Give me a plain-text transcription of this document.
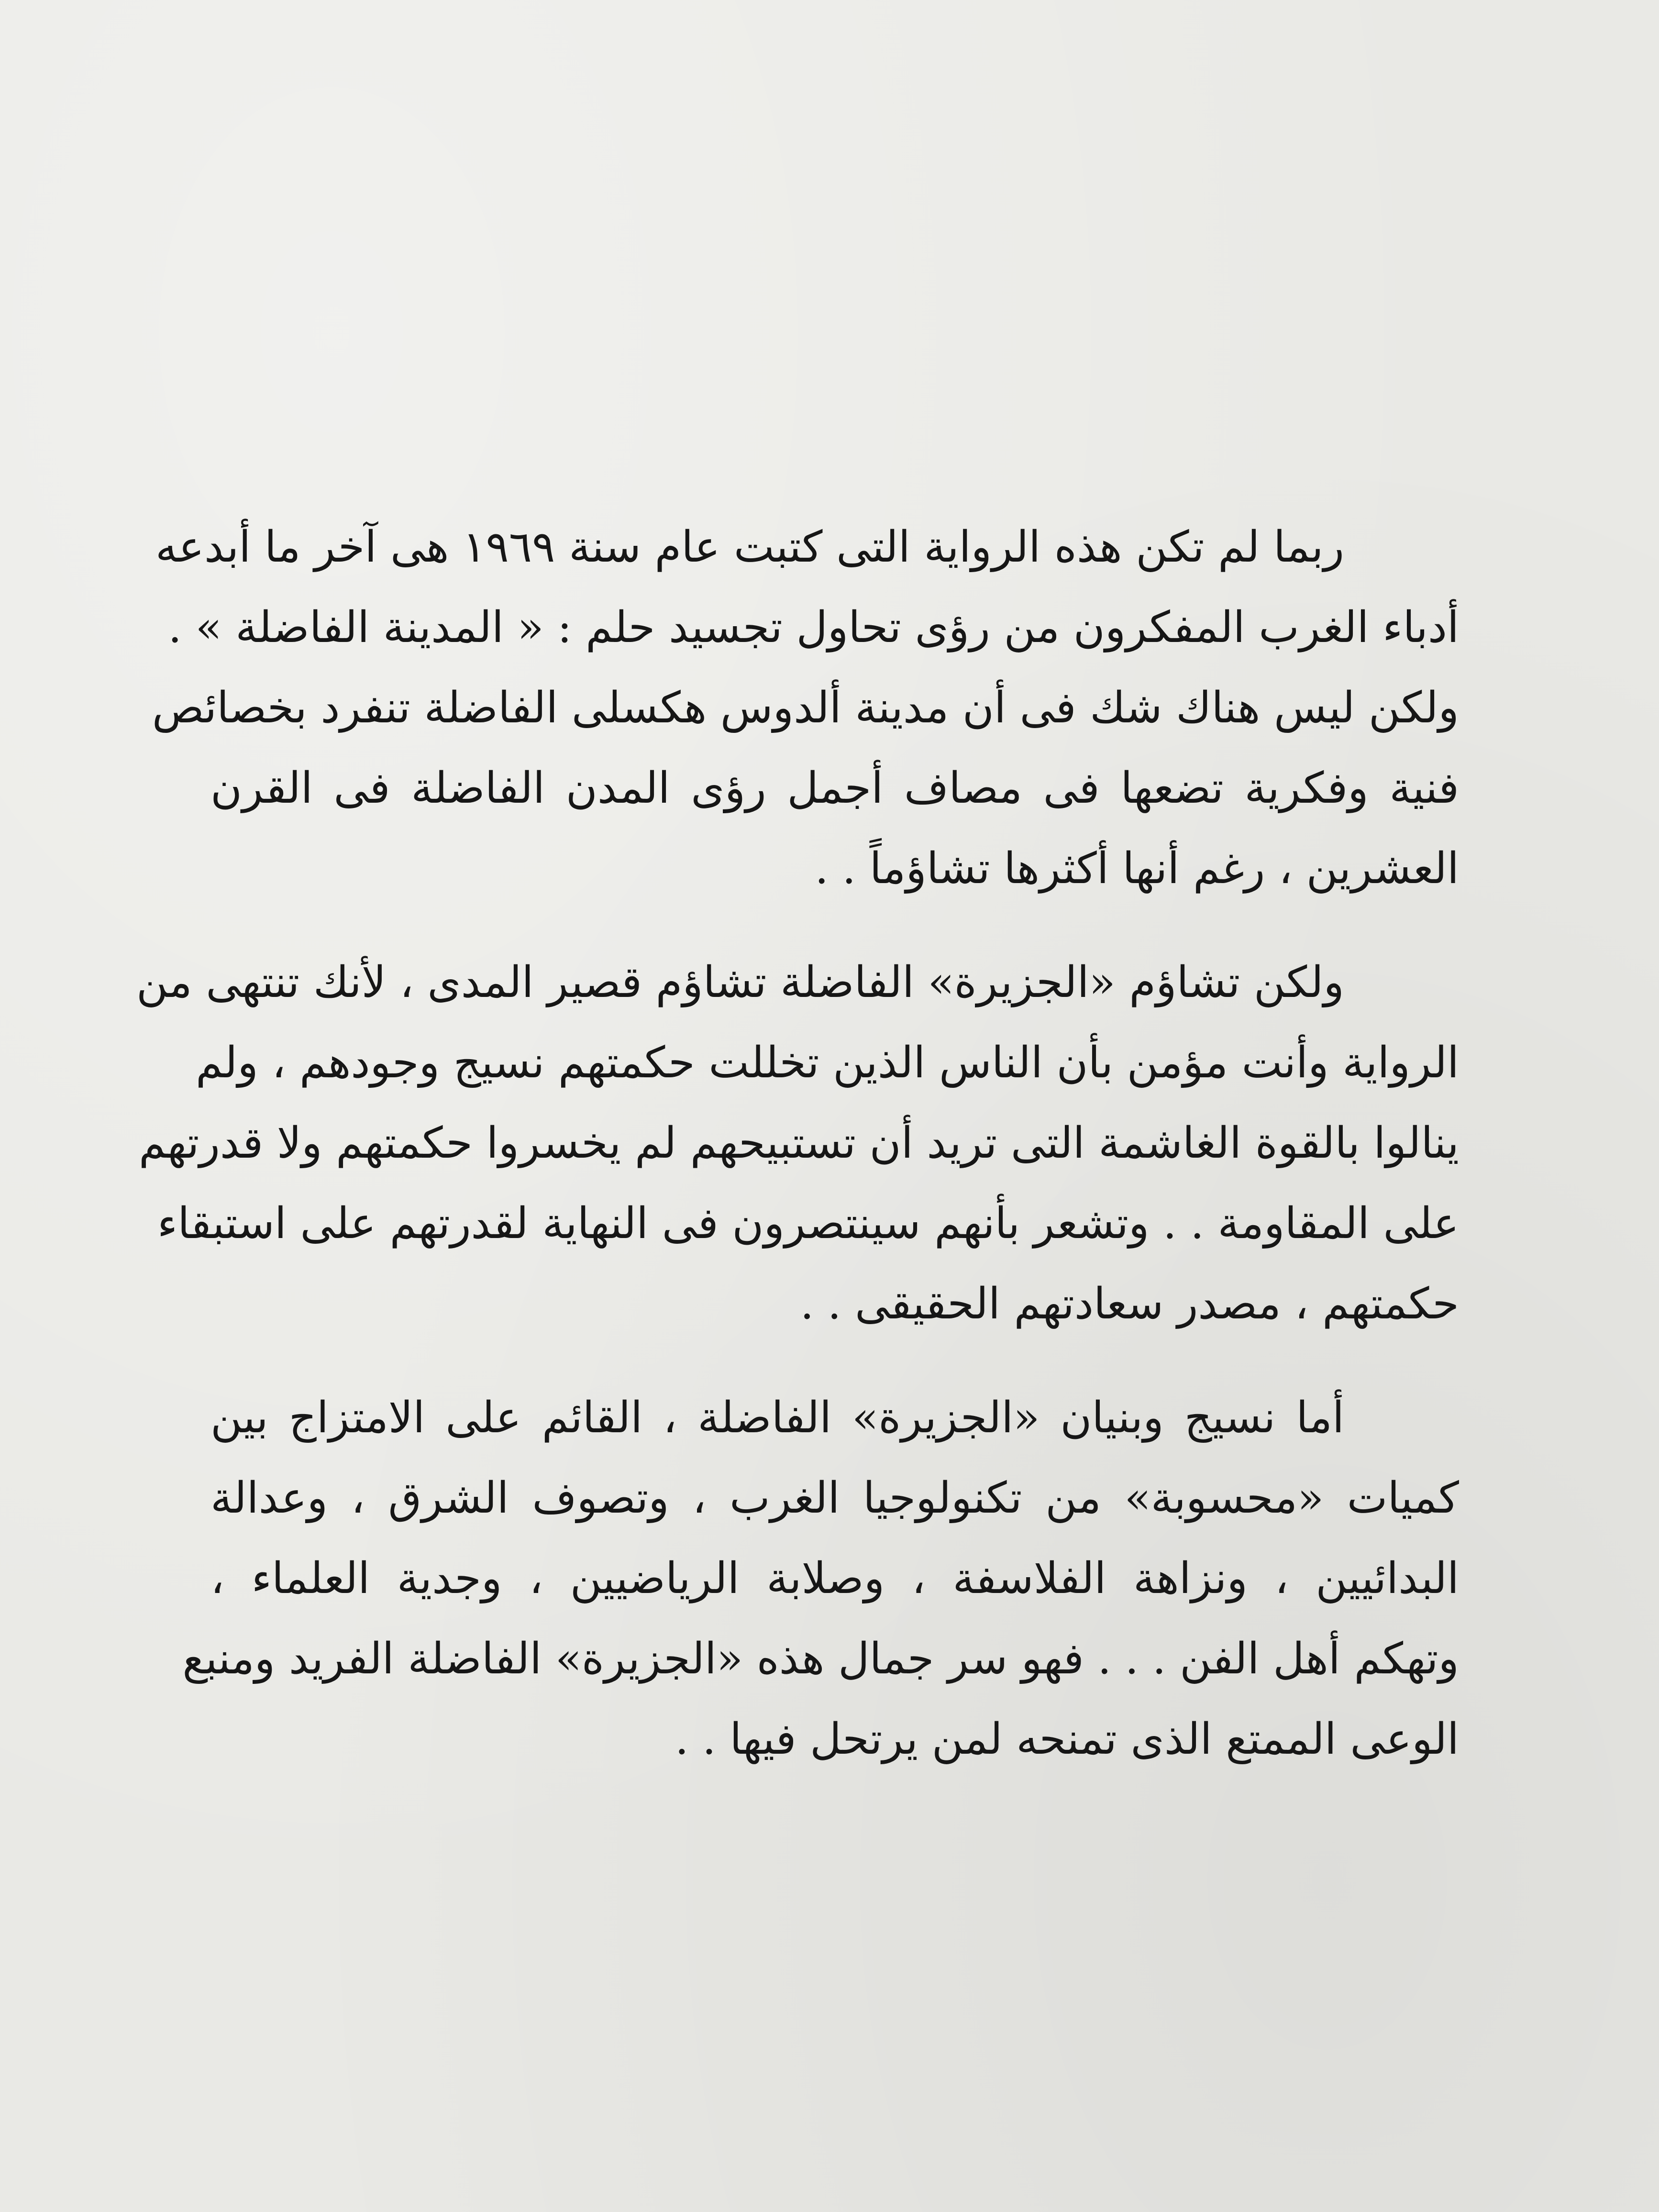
ربما لم تكن هذه الرواية التى كتبت عام سنة ١٩٦٩ هى آخر ما أبدعه
أدباء الغرب المفكرون من رؤى تحاول تجسيد حلم : « المدينة الفاضلة » .
ولكن ليس هناك شك فى أن مدينة ألدوس هكسلى الفاضلة تنفرد بخصائص
فنية وفكرية تضعها فى مصاف أجمل رؤى المدن الفاضلة فى القرن
العشرين ، رغم أنها أكثرها تشاؤماً . .
ولكن تشاؤم «الجزيرة» الفاضلة تشاؤم قصير المدى ، لأنك تنتهى من
الرواية وأنت مؤمن بأن الناس الذين تخللت حكمتهم نسيج وجودهم ، ولم
ينالوا بالقوة الغاشمة التى تريد أن تستبيحهم لم يخسروا حكمتهم ولا قدرتهم
على المقاومة . . وتشعر بأنهم سينتصرون فى النهاية لقدرتهم على استبقاء
حكمتهم ، مصدر سعادتهم الحقيقى . .
أما نسيج وبنيان «الجزيرة» الفاضلة ، القائم على الامتزاج بين
كميات «محسوبة» من تكنولوجيا الغرب ، وتصوف الشرق ، وعدالة
البدائيين ، ونزاهة الفلاسفة ، وصلابة الرياضيين ، وجدية العلماء ،
وتهكم أهل الفن . . . فهو سر جمال هذه «الجزيرة» الفاضلة الفريد ومنبع
الوعى الممتع الذى تمنحه لمن يرتحل فيها . .
